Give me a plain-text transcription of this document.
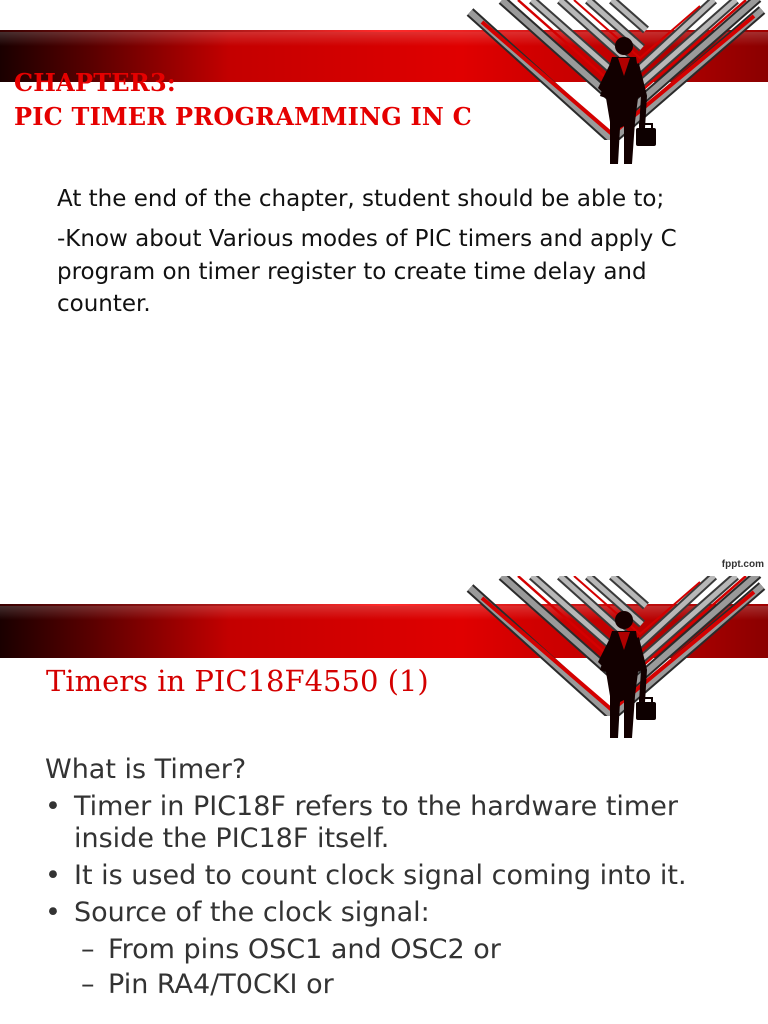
CHAPTER3:
PIC TIMER PROGRAMMING IN C

At the end of the chapter, student should be able to;

-Know about Various modes of PIC timers and apply C program on timer register to create time delay and counter.

fppt.com
Timers in PIC18F4550 (1)

What is Timer?

• Timer in PIC18F refers to the hardware timer inside the PIC18F itself.
• It is used to count clock signal coming into it.
• Source of the clock signal:
– From pins OSC1 and OSC2 or
– Pin RA4/T0CKI or
